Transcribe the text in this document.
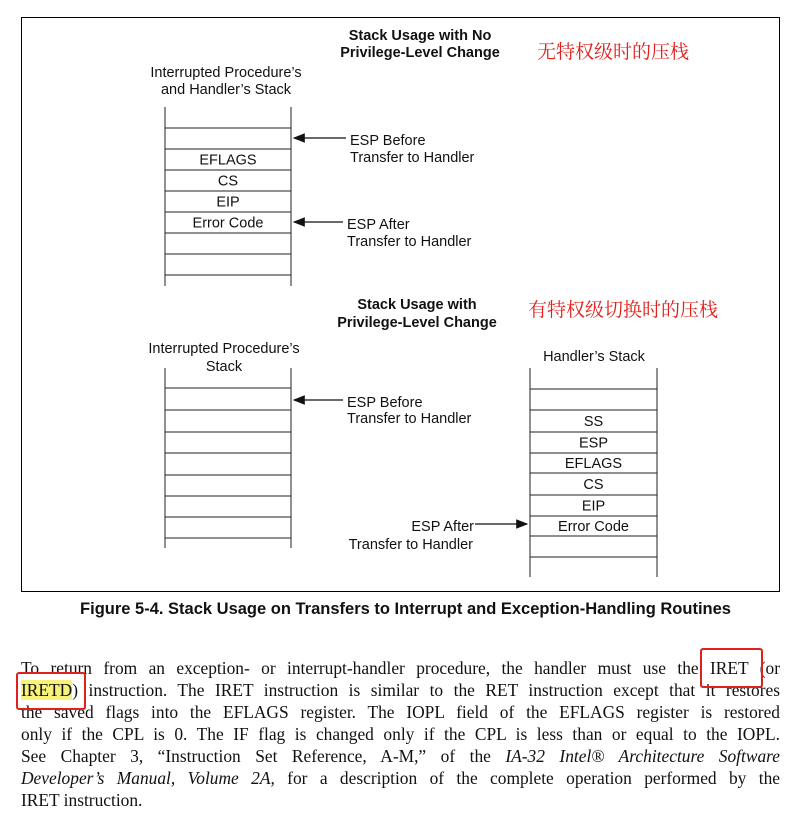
Stack Usage with No
Privilege-Level Change 无特权级时的压栈
Interrupted Procedure’s
and Handler’s Stack
EFLAGS
CS
EIP
Error Code
ESP Before
Transfer to Handler
ESP After
Transfer to Handler
Stack Usage with
Privilege-Level Change
有特权级切换时的压栈
Interrupted Procedure’s
Stack
ESP Before
Transfer to Handler
Handler’s Stack
SS
ESP
EFLAGS
CS
EIP
Error Code
ESP After
Transfer to Handler
Figure 5-4. Stack Usage on Transfers to Interrupt and Exception-Handling Routines
To return from an exception- or interrupt-handler procedure, the handler must use the IRET (or
IRETD) instruction. The IRET instruction is similar to the RET instruction except that it restores
the saved flags into the EFLAGS register. The IOPL field of the EFLAGS register is restored
only if the CPL is 0. The IF flag is changed only if the CPL is less than or equal to the IOPL.
See Chapter 3, “Instruction Set Reference, A-M,” of the IA-32 Intel® Architecture Software
Developer’s Manual, Volume 2A, for a description of the complete operation performed by the
IRET instruction.
